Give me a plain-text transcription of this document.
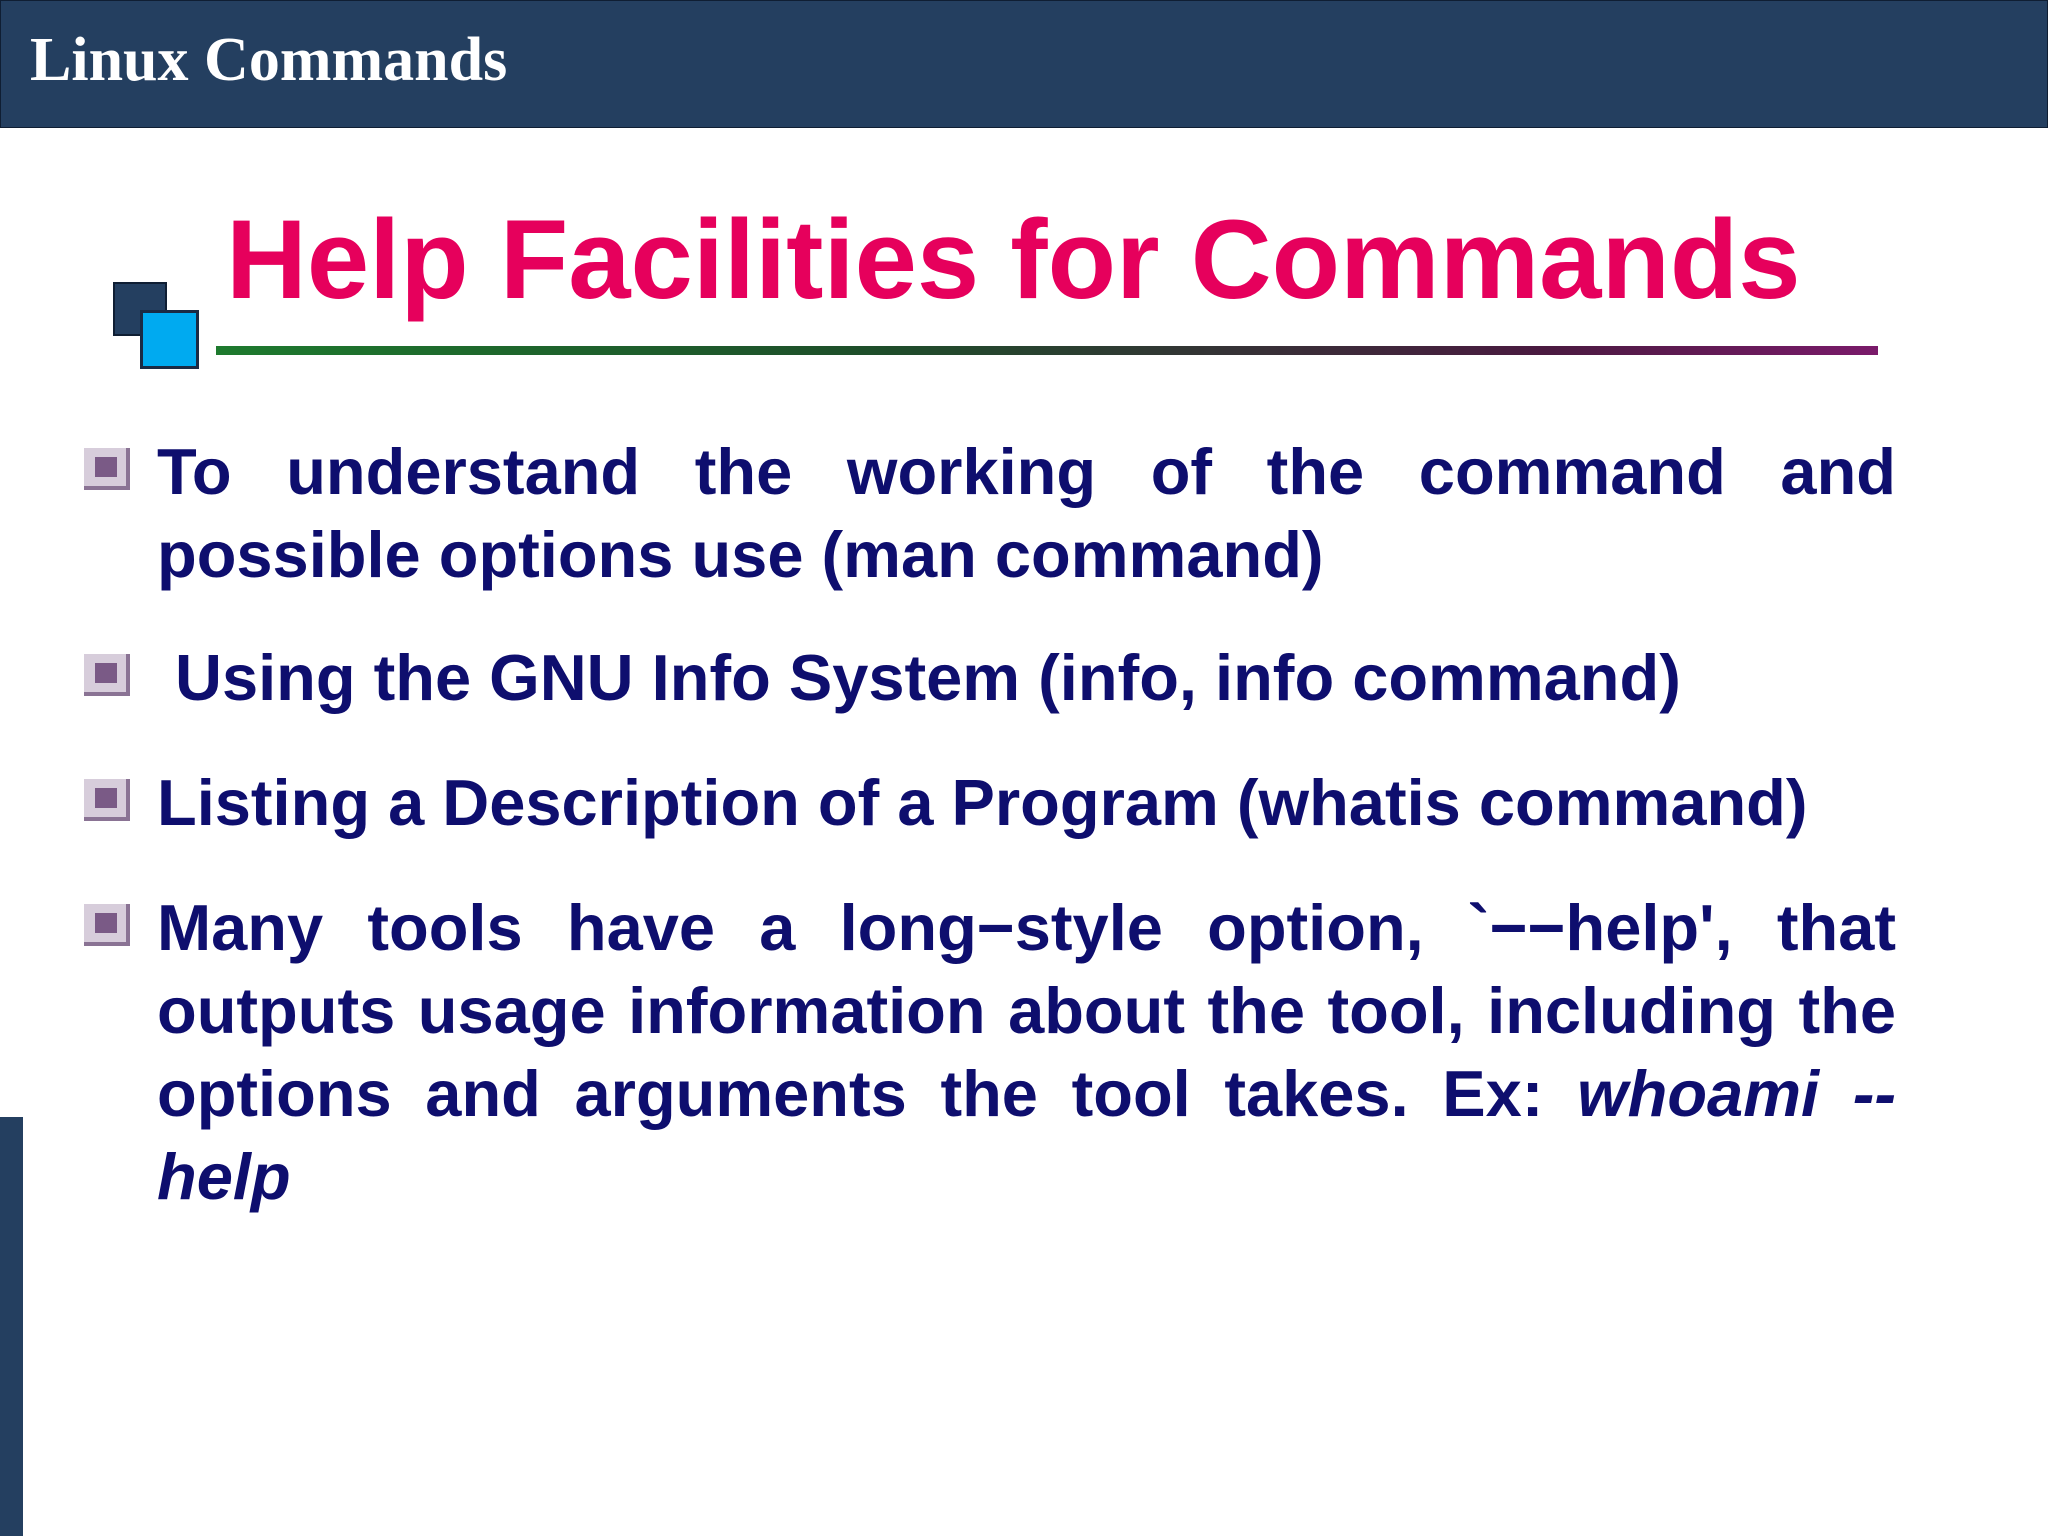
Linux Commands
Help Facilities for Commands
To understand the working of the command and possible options use (man command)
Using the GNU Info System (info, info command)
Listing a Description of a Program (whatis command)
Many tools have a long−style option, `−−help', that outputs usage information about the tool, including the options and arguments the tool takes. Ex: whoami --help
